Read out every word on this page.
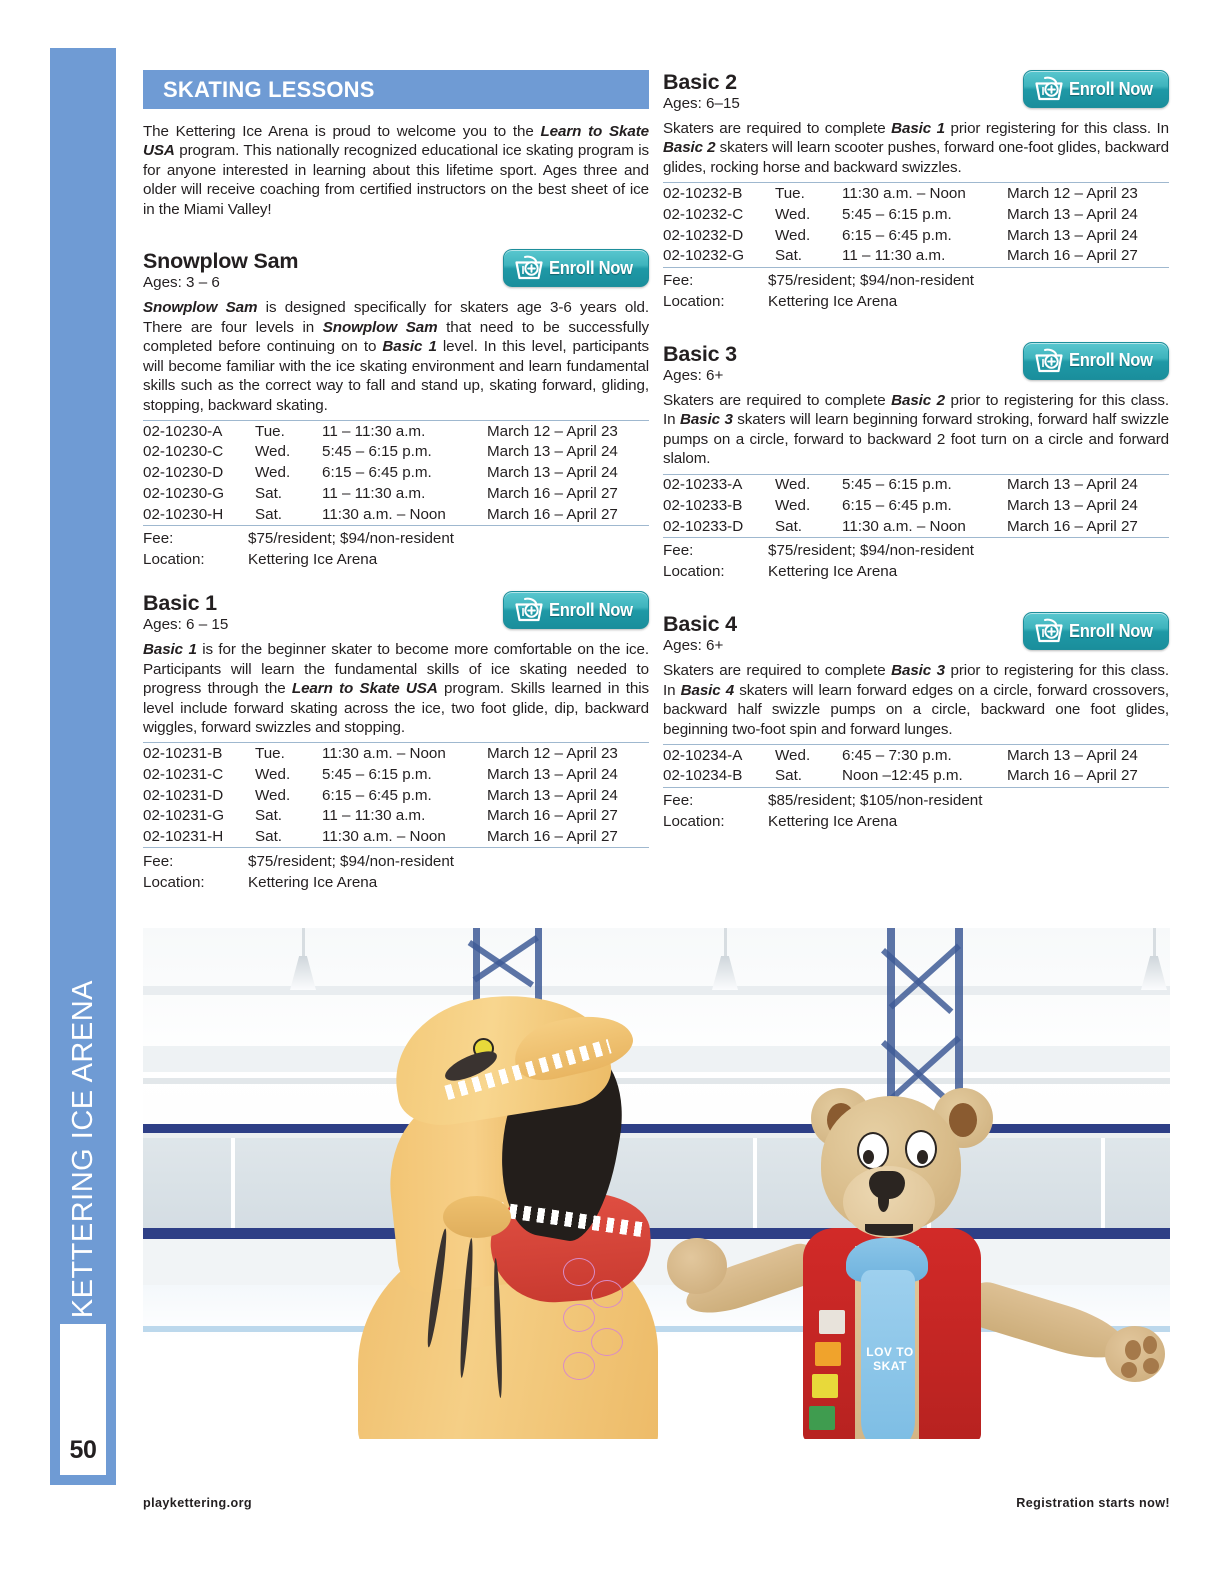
KETTERING ICE ARENA
50
SKATING LESSONS

The Kettering Ice Arena is proud to welcome you to the Learn to Skate USA program. This nationally recognized educational ice skating program is for anyone interested in learning about this lifetime sport. Ages three and older will receive coaching from certified instructors on the best sheet of ice in the Miami Valley!

Snowplow Sam

Ages: 3 – 6

Enroll Now

Snowplow Sam is designed specifically for skaters age 3-6 years old. There are four levels in Snowplow Sam that need to be successfully completed before continuing on to Basic 1 level. In this level, participants will become familiar with the ice skating environment and learn fundamental skills such as the correct way to fall and stand up, skating forward, gliding, stopping, backward skating.

02-10230-A	Tue.	11 – 11:30 a.m.	March 12 – April 23
02-10230-C	Wed.	5:45 – 6:15 p.m.	March 13 – April 24
02-10230-D	Wed.	6:15 – 6:45 p.m.	March 13 – April 24
02-10230-G	Sat.	11 – 11:30 a.m.	March 16 – April 27
02-10230-H	Sat.	11:30 a.m. – Noon	March 16 – April 27
Fee:	$75/resident; $94/non-resident
Location:	Kettering Ice Arena
Basic 1

Ages: 6 – 15

Enroll Now

Basic 1 is for the beginner skater to become more comfortable on the ice. Participants will learn the fundamental skills of ice skating needed to progress through the Learn to Skate USA program. Skills learned in this level include forward skating across the ice, two foot glide, dip, backward wiggles, forward swizzles and stopping.

02-10231-B	Tue.	11:30 a.m. – Noon	March 12 – April 23
02-10231-C	Wed.	5:45 – 6:15 p.m.	March 13 – April 24
02-10231-D	Wed.	6:15 – 6:45 p.m.	March 13 – April 24
02-10231-G	Sat.	11 – 11:30 a.m.	March 16 – April 27
02-10231-H	Sat.	11:30 a.m. – Noon	March 16 – April 27
Fee:	$75/resident; $94/non-resident
Location:	Kettering Ice Arena
Basic 2

Ages: 6–15

Enroll Now

Skaters are required to complete Basic 1 prior registering for this class. In Basic 2 skaters will learn scooter pushes, forward one-foot glides, backward glides, rocking horse and backward swizzles.

02-10232-B	Tue.	11:30 a.m. – Noon	March 12 – April 23
02-10232-C	Wed.	5:45 – 6:15 p.m.	March 13 – April 24
02-10232-D	Wed.	6:15 – 6:45 p.m.	March 13 – April 24
02-10232-G	Sat.	11 – 11:30 a.m.	March 16 – April 27
Fee:	$75/resident; $94/non-resident
Location:	Kettering Ice Arena
Basic 3

Ages: 6+

Enroll Now

Skaters are required to complete Basic 2 prior to registering for this class. In Basic 3 skaters will learn beginning forward stroking, forward half swizzle pumps on a circle, forward to backward 2 foot turn on a circle and forward slalom.

02-10233-A	Wed.	5:45 – 6:15 p.m.	March 13 – April 24
02-10233-B	Wed.	6:15 – 6:45 p.m.	March 13 – April 24
02-10233-D	Sat.	11:30 a.m. – Noon	March 16 – April 27
Fee:	$75/resident; $94/non-resident
Location:	Kettering Ice Arena
Basic 4

Ages: 6+

Enroll Now

Skaters are required to complete Basic 3 prior to registering for this class. In Basic 4 skaters will learn forward edges on a circle, forward crossovers, backward half swizzle pumps on a circle, backward one foot glides, beginning two-foot spin and forward lunges.

02-10234-A	Wed.	6:45 – 7:30 p.m.	March 13 – April 24
02-10234-B	Sat.	Noon –12:45 p.m.	March 16 – April 27
Fee:	$85/resident; $105/non-resident
Location:	Kettering Ice Arena
LOV TO SKAT
playkettering.org	Registration starts now!
